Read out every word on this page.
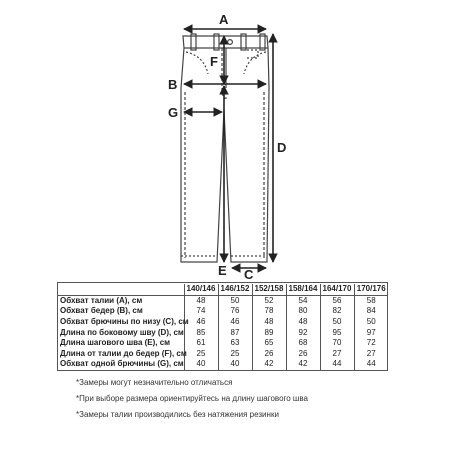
A
B
G
F
D
E C
	140/146	146/152	152/158	158/164	164/170	170/176
Обхват талии (А), см	48	50	52	54	56	58
Обхват бедер (B), см	74	76	78	80	82	84
Обхват брючины по низу (C), см	46	46	48	48	50	50
Длина по боковому шву (D), см	85	87	89	92	95	97
Длина шагового шва (E), см	61	63	65	68	70	72
Длина от талии до бедер (F), см	25	25	26	26	27	27
Обхват одной брючины (G), см	40	40	42	42	44	44
*Замеры могут незначительно отличаться
*При выборе размера ориентируйтесь на длину шагового шва
*Замеры талии производились без натяжения резинки
